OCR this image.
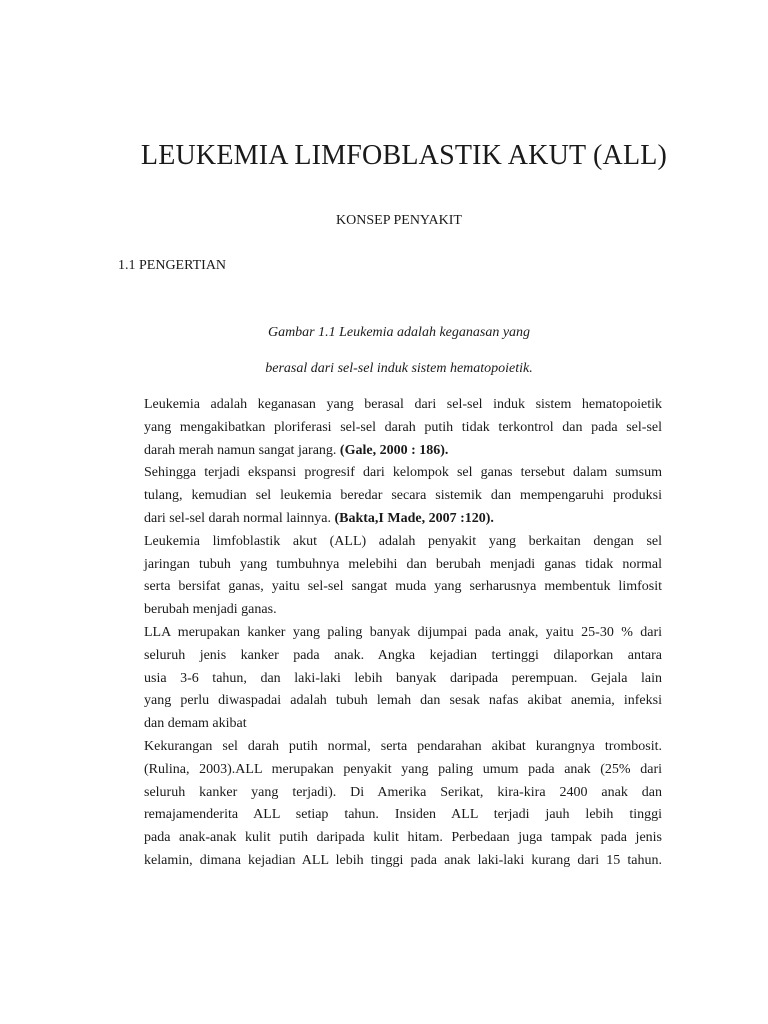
LEUKEMIA LIMFOBLASTIK AKUT (ALL)
KONSEP PENYAKIT
1.1 PENGERTIAN
Gambar 1.1 Leukemia adalah keganasan yang
berasal dari sel-sel induk sistem hematopoietik.
Leukemia adalah keganasan yang berasal dari sel-sel induk sistem hematopoietik
yang mengakibatkan ploriferasi sel-sel darah putih tidak terkontrol dan pada sel-sel
darah merah namun sangat jarang. (Gale, 2000 : 186).
Sehingga terjadi ekspansi progresif dari kelompok sel ganas tersebut dalam sumsum
tulang, kemudian sel leukemia beredar secara sistemik dan mempengaruhi produksi
dari sel-sel darah normal lainnya. (Bakta,I Made, 2007 :120).
Leukemia limfoblastik akut (ALL) adalah penyakit yang berkaitan dengan sel
jaringan tubuh yang tumbuhnya melebihi dan berubah menjadi ganas tidak normal
serta bersifat ganas, yaitu sel-sel sangat muda yang serharusnya membentuk limfosit
berubah menjadi ganas.
LLA merupakan kanker yang paling banyak dijumpai pada anak, yaitu 25-30 % dari
seluruh jenis kanker pada anak. Angka kejadian tertinggi dilaporkan antara
usia 3-6 tahun, dan laki-laki lebih banyak daripada perempuan. Gejala lain
yang perlu diwaspadai adalah tubuh lemah dan sesak nafas akibat anemia, infeksi
dan demam akibat
Kekurangan sel darah putih normal, serta pendarahan akibat kurangnya trombosit.
(Rulina, 2003).ALL merupakan penyakit yang paling umum pada anak (25% dari
seluruh kanker yang terjadi). Di Amerika Serikat, kira-kira 2400 anak dan
remajamenderita ALL setiap tahun. Insiden ALL terjadi jauh lebih tinggi
pada anak-anak kulit putih daripada kulit hitam. Perbedaan juga tampak pada jenis
kelamin, dimana kejadian ALL lebih tinggi pada anak laki-laki kurang dari 15 tahun.
